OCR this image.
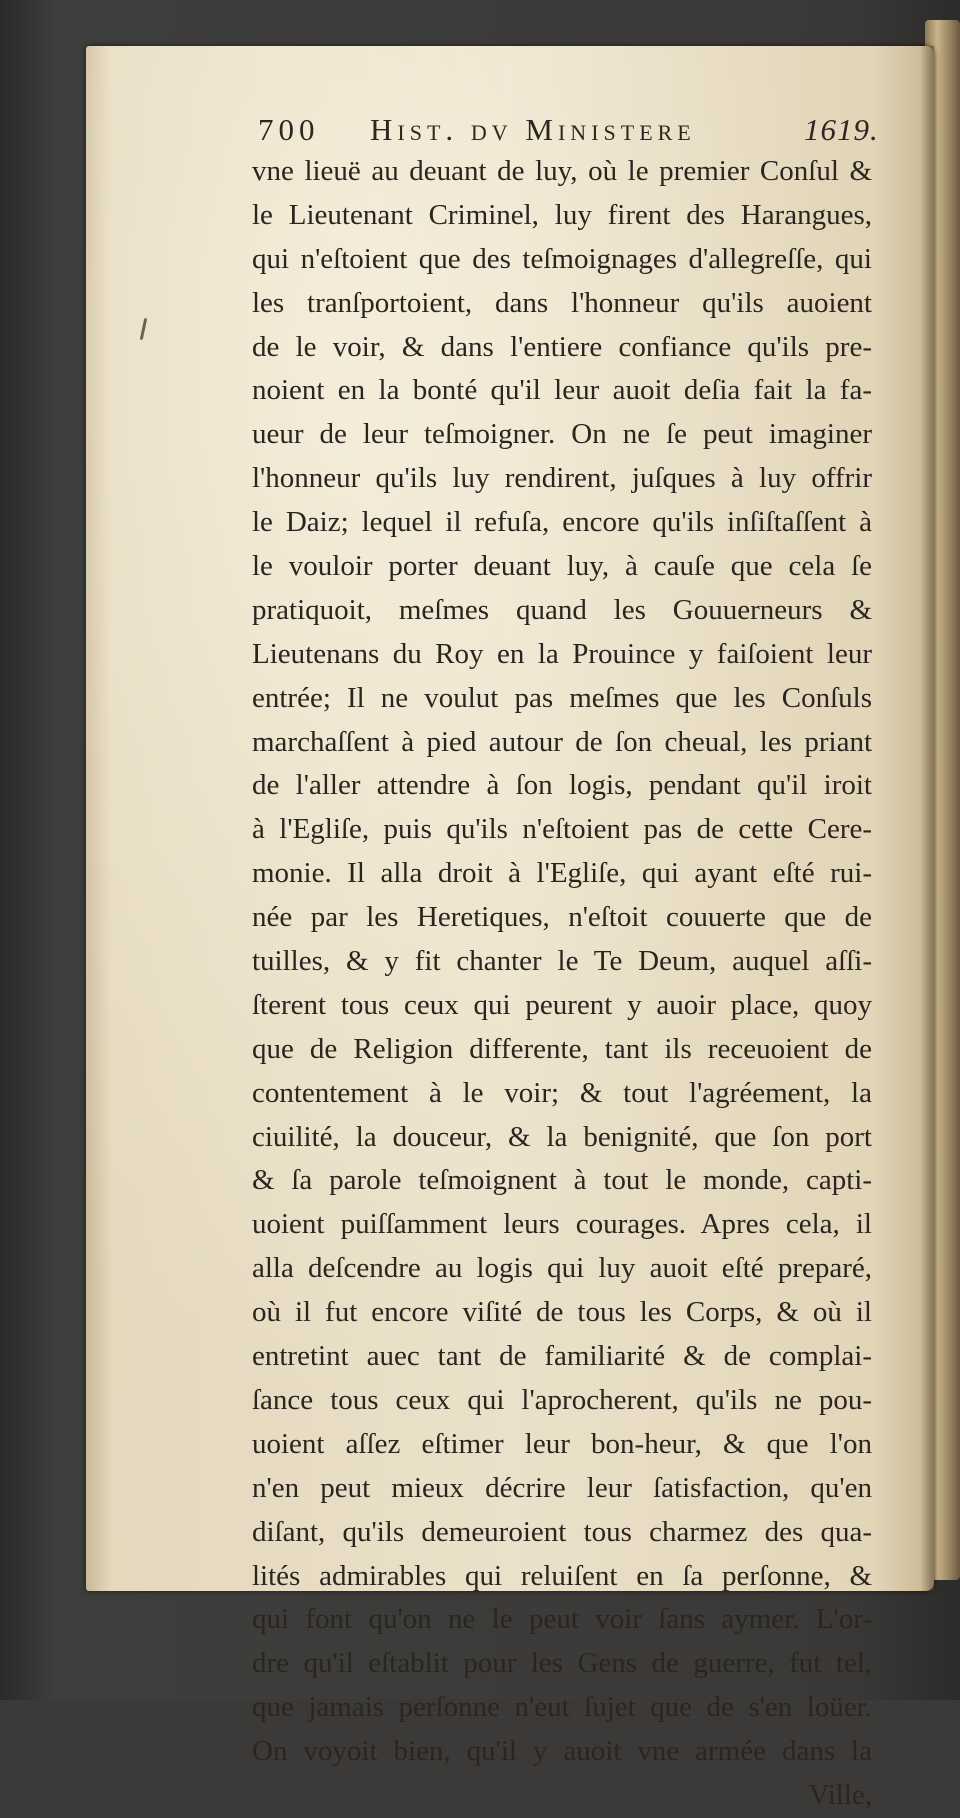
700 Hist. dv Ministere	1619.
vne lieuë au deuant de luy, où le premier Conſul &
le Lieutenant Criminel, luy firent des Harangues,
qui n'eſtoient que des teſmoignages d'allegreſſe, qui
les tranſportoient, dans l'honneur qu'ils auoient
de le voir, & dans l'entiere confiance qu'ils pre-
noient en la bonté qu'il leur auoit deſia fait la fa-
ueur de leur teſmoigner. On ne ſe peut imaginer
l'honneur qu'ils luy rendirent, juſques à luy offrir
le Daiz; lequel il refuſa, encore qu'ils inſiſtaſſent à
le vouloir porter deuant luy, à cauſe que cela ſe
pratiquoit, meſmes quand les Gouuerneurs &
Lieutenans du Roy en la Prouince y faiſoient leur
entrée; Il ne voulut pas meſmes que les Conſuls
marchaſſent à pied autour de ſon cheual, les priant
de l'aller attendre à ſon logis, pendant qu'il iroit
à l'Egliſe, puis qu'ils n'eſtoient pas de cette Cere-
monie. Il alla droit à l'Egliſe, qui ayant eſté rui-
née par les Heretiques, n'eſtoit couuerte que de
tuilles, & y fit chanter le Te Deum, auquel aſſi-
ſterent tous ceux qui peurent y auoir place, quoy
que de Religion differente, tant ils receuoient de
contentement à le voir; & tout l'agréement, la
ciuilité, la douceur, & la benignité, que ſon port
& ſa parole teſmoignent à tout le monde, capti-
uoient puiſſamment leurs courages. Apres cela, il
alla deſcendre au logis qui luy auoit eſté preparé,
où il fut encore viſité de tous les Corps, & où il
entretint auec tant de familiarité & de complai-
ſance tous ceux qui l'aprocherent, qu'ils ne pou-
uoient aſſez eſtimer leur bon-heur, & que l'on
n'en peut mieux décrire leur ſatisfaction, qu'en
diſant, qu'ils demeuroient tous charmez des qua-
lités admirables qui reluiſent en ſa perſonne, &
qui font qu'on ne le peut voir ſans aymer. L'or-
dre qu'il eſtablit pour les Gens de guerre, fut tel,
que jamais perſonne n'eut ſujet que de s'en loüer.
On voyoit bien, qu'il y auoit vne armée dans la
Ville,
